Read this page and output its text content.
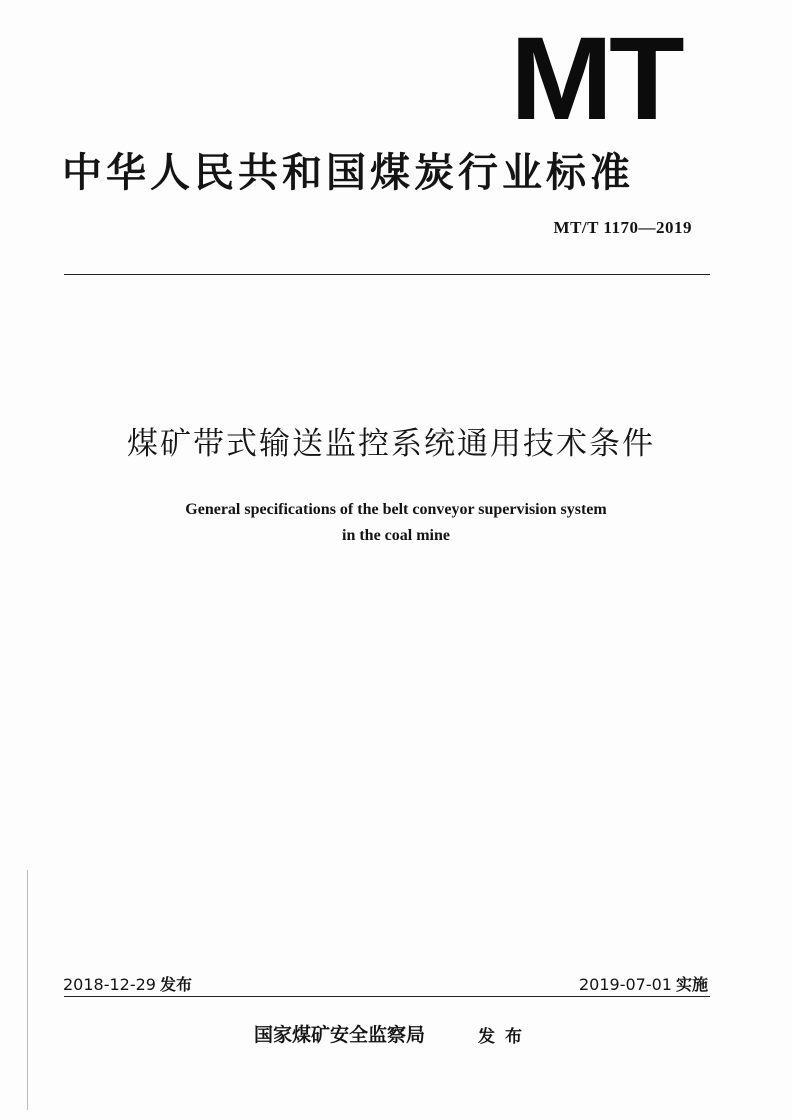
MT
中华人民共和国煤炭行业标准
MT/T 1170—2019
煤矿带式输送监控系统通用技术条件
General specifications of the belt conveyor supervision system
in the coal mine
2018-12-29 发布	2019-07-01 实施
国家煤矿安全监察局	发布
